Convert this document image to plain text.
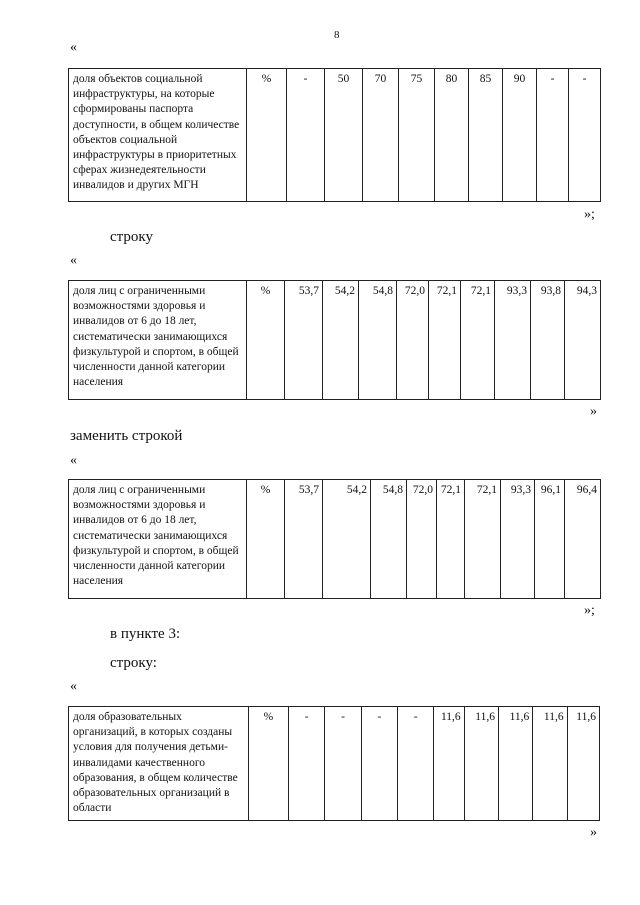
8
«
доля объектов социальной инфраструктуры, на которые сформированы паспорта доступности, в общем количестве объектов социальной инфраструктуры в приоритетных сферах жизнедеятельности инвалидов и других МГН	%	-	50	70	75	80	85	90	-	-
»;
строку
«
доля лиц с ограниченными возможностями здоровья и инвалидов от 6 до 18 лет, систематически занимающихся физкультурой и спортом, в общей численности данной категории населения	%	53,7	54,2	54,8	72,0	72,1	72,1	93,3	93,8	94,3
»
заменить строкой
«
доля лиц с ограниченными возможностями здоровья и инвалидов от 6 до 18 лет, систематически занимающихся физкультурой и спортом, в общей численности данной категории населения	%	53,7	54,2	54,8	72,0	72,1	72,1	93,3	96,1	96,4
»;
в пункте 3:
строку:
«
доля образовательных организаций, в которых созданы условия для получения детьми-инвалидами качественного образования, в общем количестве образовательных организаций в области	%	-	-	-	-	11,6	11,6	11,6	11,6	11,6
»
